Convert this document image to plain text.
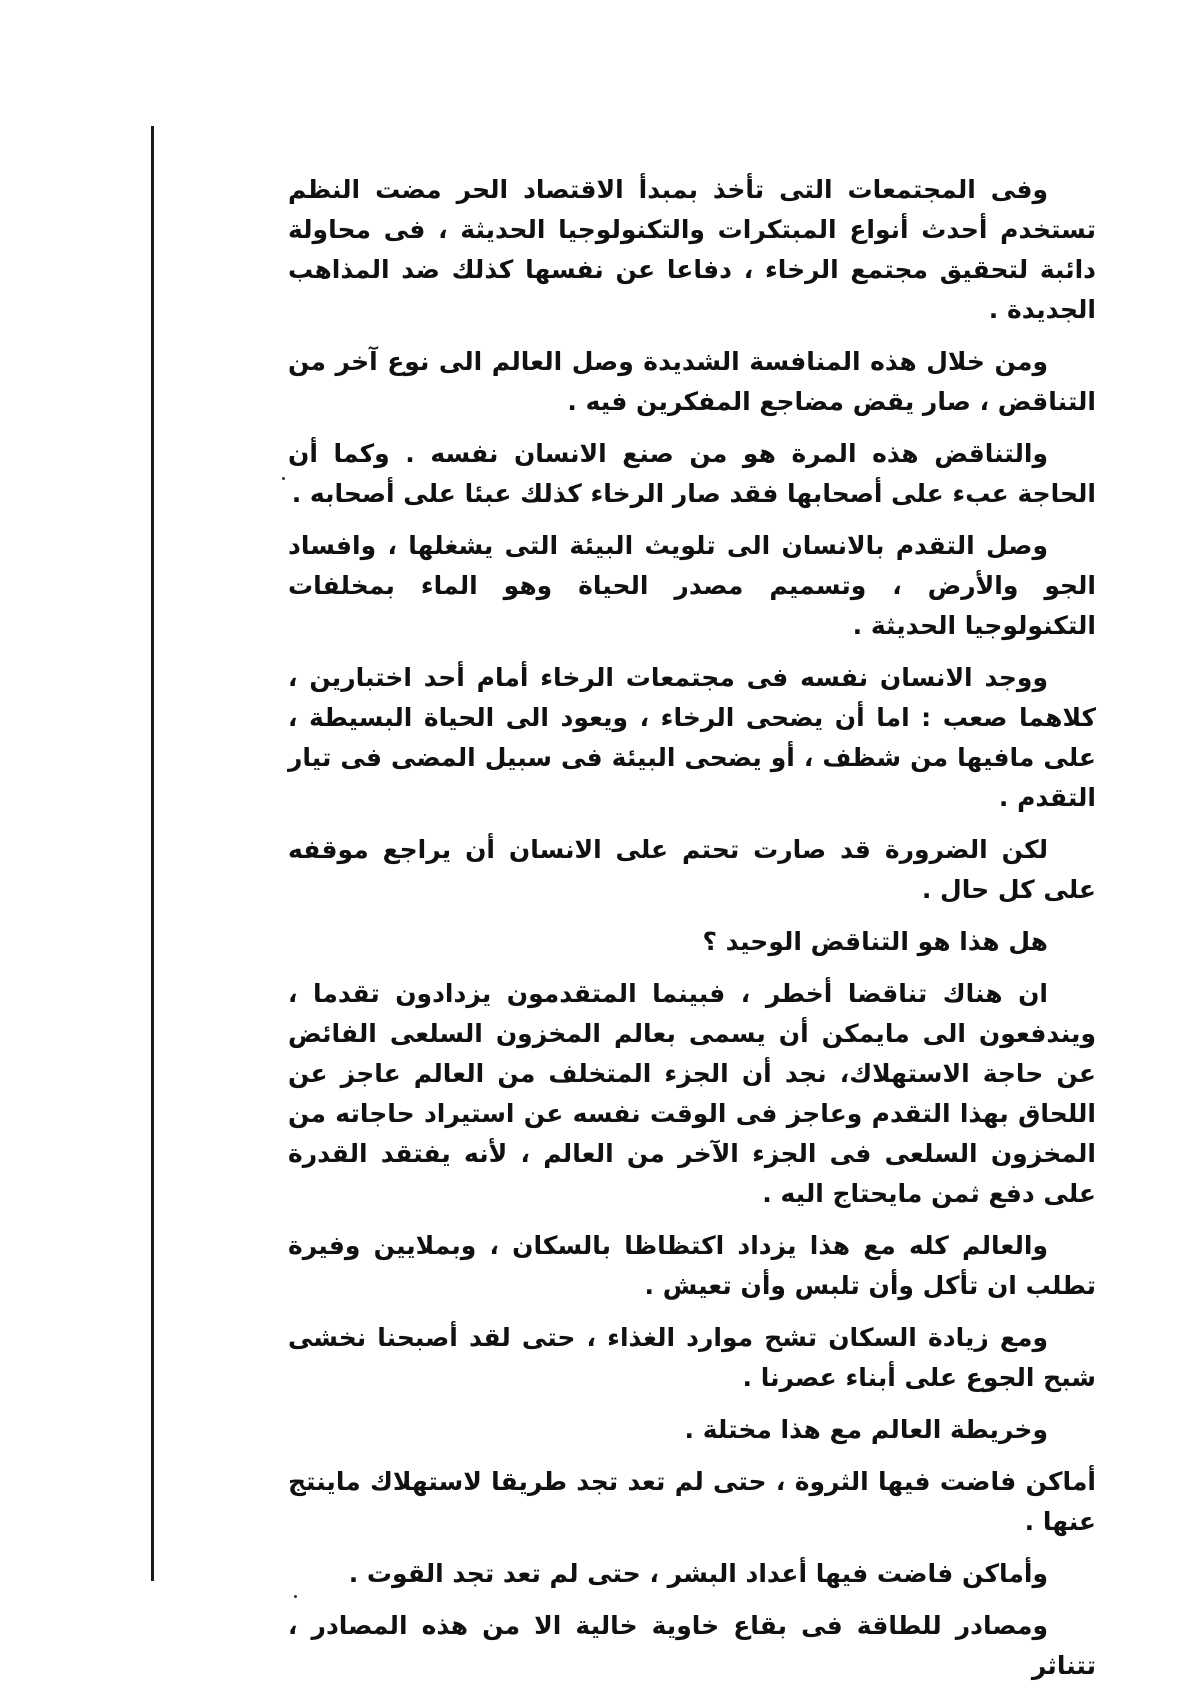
وفى المجتمعات التى تأخذ بمبدأ الاقتصاد الحر مضت النظم تستخدم أحدث أنواع المبتكرات والتكنولوجيا الحديثة ، فى محاولة دائبة لتحقيق مجتمع الرخاء ، دفاعا عن نفسها كذلك ضد المذاهب الجديدة .

ومن خلال هذه المنافسة الشديدة وصل العالم الى نوع آخر من التناقض ، صار يقض مضاجع المفكرين فيه .

والتناقض هذه المرة هو من صنع الانسان نفسه . وكما أن الحاجة عبء على أصحابها فقد صار الرخاء كذلك عبئا على أصحابه .

وصل التقدم بالانسان الى تلويث البيئة التى يشغلها ، وافساد الجو والأرض ، وتسميم مصدر الحياة وهو الماء بمخلفات التكنولوجيا الحديثة .

ووجد الانسان نفسه فى مجتمعات الرخاء أمام أحد اختبارين ، كلاهما صعب : اما أن يضحى الرخاء ، ويعود الى الحياة البسيطة ، على مافيها من شظف ، أو يضحى البيئة فى سبيل المضى فى تيار التقدم .

لكن الضرورة قد صارت تحتم على الانسان أن يراجع موقفه على كل حال .

هل هذا هو التناقض الوحيد ؟

ان هناك تناقضا أخطر ، فبينما المتقدمون يزدادون تقدما ، ويندفعون الى مايمكن أن يسمى بعالم المخزون السلعى الفائض عن حاجة الاستهلاك، نجد أن الجزء المتخلف من العالم عاجز عن اللحاق بهذا التقدم وعاجز فى الوقت نفسه عن استيراد حاجاته من المخزون السلعى فى الجزء الآخر من العالم ، لأنه يفتقد القدرة على دفع ثمن مايحتاج اليه .

والعالم كله مع هذا يزداد اكتظاظا بالسكان ، وبملايين وفيرة تطلب ان تأكل وأن تلبس وأن تعيش .

ومع زيادة السكان تشح موارد الغذاء ، حتى لقد أصبحنا نخشى شبح الجوع على أبناء عصرنا .

وخريطة العالم مع هذا مختلة .

أماكن فاضت فيها الثروة ، حتى لم تعد تجد طريقا لاستهلاك ماينتج عنها .

وأماكن فاضت فيها أعداد البشر ، حتى لم تعد تجد القوت .

ومصادر للطاقة فى بقاع خاوية خالية الا من هذه المصادر ، تتناثر
